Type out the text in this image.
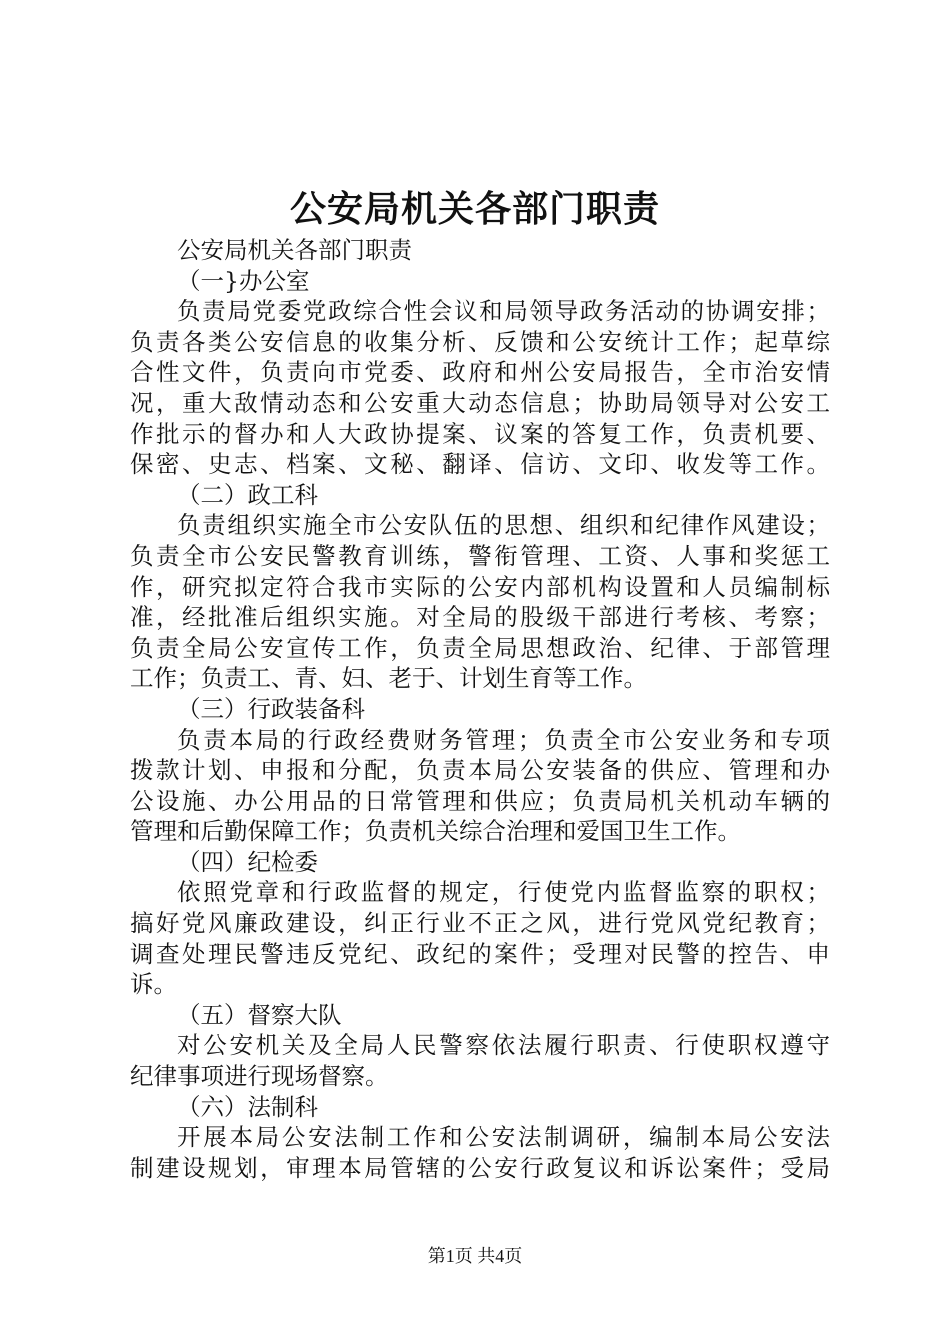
公安局机关各部门职责
公安局机关各部门职责
（一}办公室
负责局党委党政综合性会议和局领导政务活动的协调安排；
负责各类公安信息的收集分析、反馈和公安统计工作；起草综
合性文件，负责向市党委、政府和州公安局报告，全市治安情
况，重大敌情动态和公安重大动态信息；协助局领导对公安工
作批示的督办和人大政协提案、议案的答复工作，负责机要、
保密、史志、档案、文秘、翻译、信访、文印、收发等工作。
（二）政工科
负责组织实施全市公安队伍的思想、组织和纪律作风建设；
负责全市公安民警教育训练，警衔管理、工资、人事和奖惩工
作，研究拟定符合我市实际的公安内部机构设置和人员编制标
准，经批准后组织实施。对全局的股级干部进行考核、考察；
负责全局公安宣传工作，负责全局思想政治、纪律、于部管理
工作；负责工、青、妇、老于、计划生育等工作。
（三）行政装备科
负责本局的行政经费财务管理；负责全市公安业务和专项
拨款计划、申报和分配，负责本局公安装备的供应、管理和办
公设施、办公用品的日常管理和供应；负责局机关机动车辆的
管理和后勤保障工作；负责机关综合治理和爱国卫生工作。
（四）纪检委
依照党章和行政监督的规定，行使党内监督监察的职权；
搞好党风廉政建设，纠正行业不正之风，进行党风党纪教育；
调查处理民警违反党纪、政纪的案件；受理对民警的控告、申
诉。
（五）督察大队
对公安机关及全局人民警察依法履行职责、行使职权遵守
纪律事项进行现场督察。
（六）法制科
开展本局公安法制工作和公安法制调研，编制本局公安法
制建设规划，审理本局管辖的公安行政复议和诉讼案件；受局
第1页 共4页
